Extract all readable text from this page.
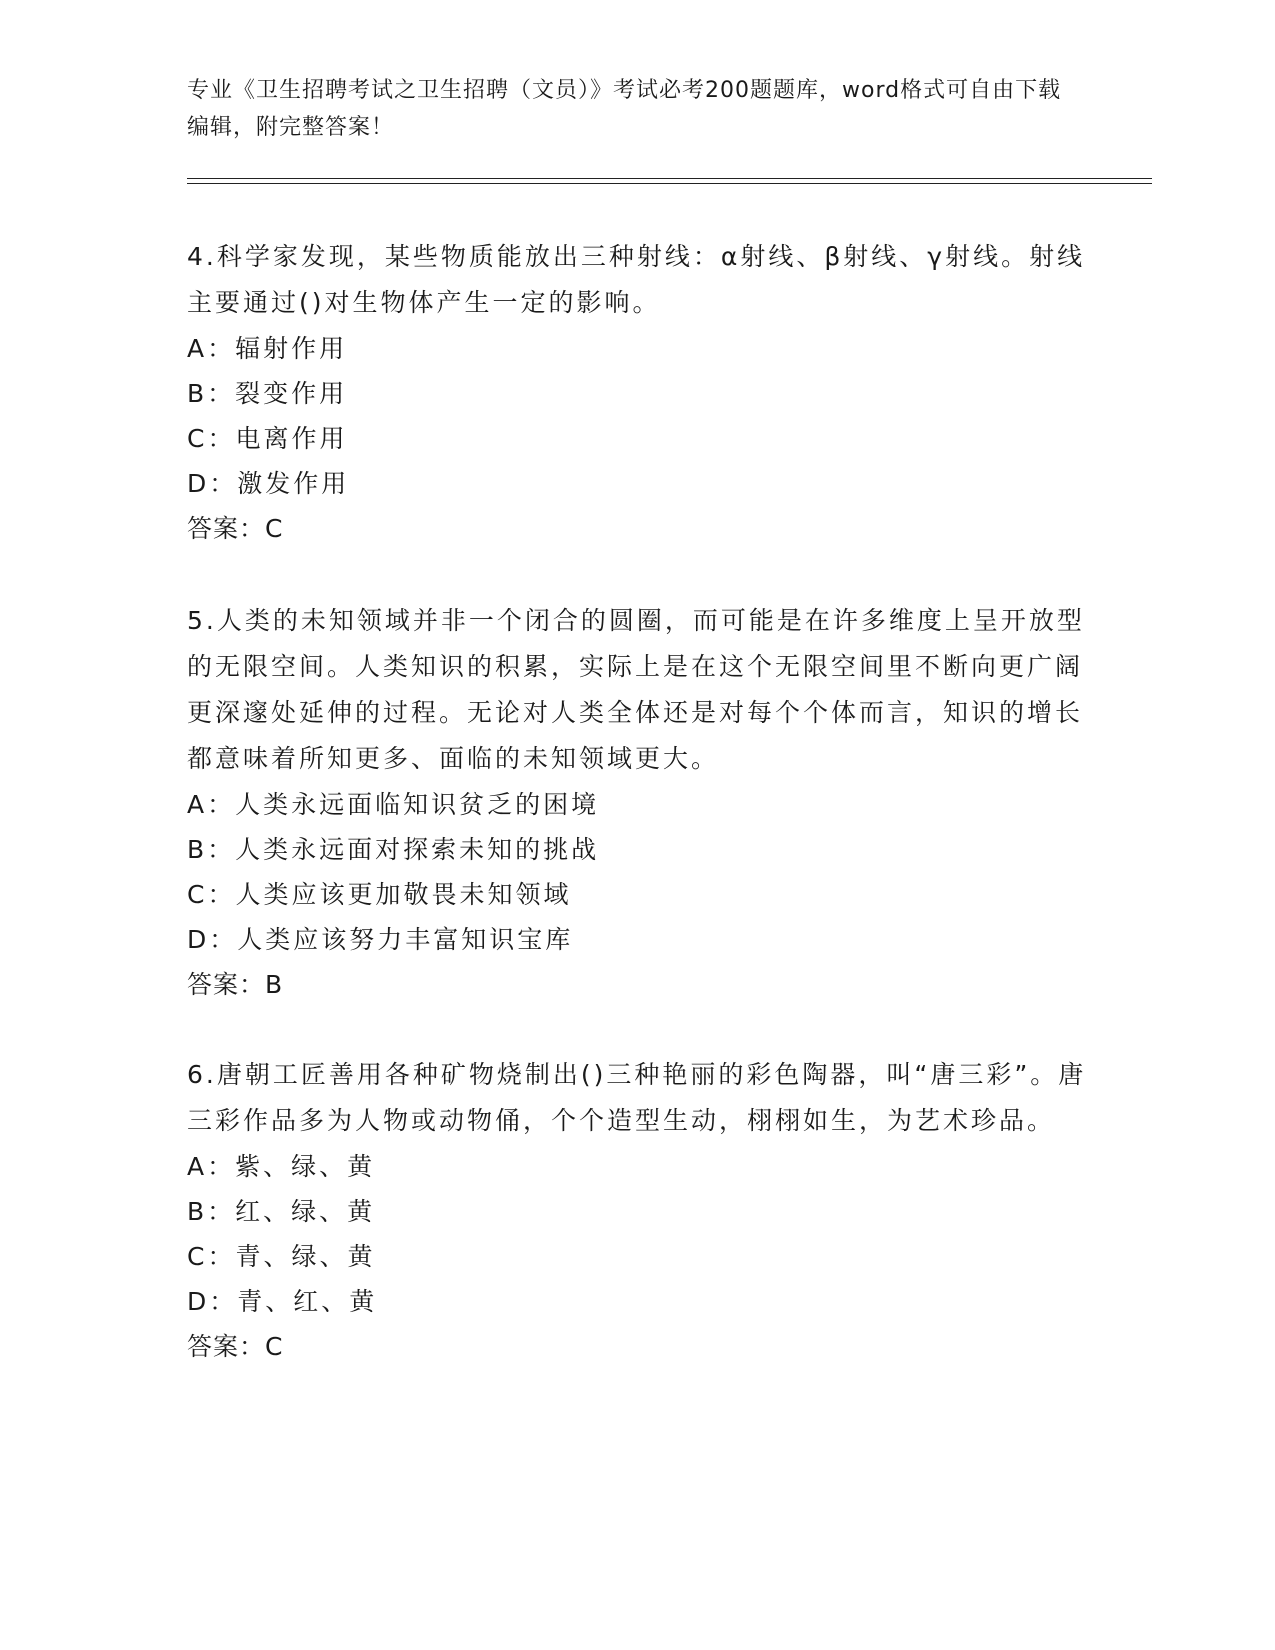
专业《卫生招聘考试之卫生招聘（文员）》考试必考200题题库，word格式可自由下载编辑，附完整答案！
4.科学家发现，某些物质能放出三种射线：α射线、β射线、γ射线。射线主要通过()对生物体产生一定的影响。
A：辐射作用
B：裂变作用
C：电离作用
D：激发作用
答案：C
5.人类的未知领域并非一个闭合的圆圈，而可能是在许多维度上呈开放型的无限空间。人类知识的积累，实际上是在这个无限空间里不断向更广阔更深邃处延伸的过程。无论对人类全体还是对每个个体而言，知识的增长都意味着所知更多、面临的未知领域更大。
A：人类永远面临知识贫乏的困境
B：人类永远面对探索未知的挑战
C：人类应该更加敬畏未知领域
D：人类应该努力丰富知识宝库
答案：B
6.唐朝工匠善用各种矿物烧制出()三种艳丽的彩色陶器，叫“唐三彩”。唐三彩作品多为人物或动物俑，个个造型生动，栩栩如生，为艺术珍品。
A：紫、绿、黄
B：红、绿、黄
C：青、绿、黄
D：青、红、黄
答案：C
